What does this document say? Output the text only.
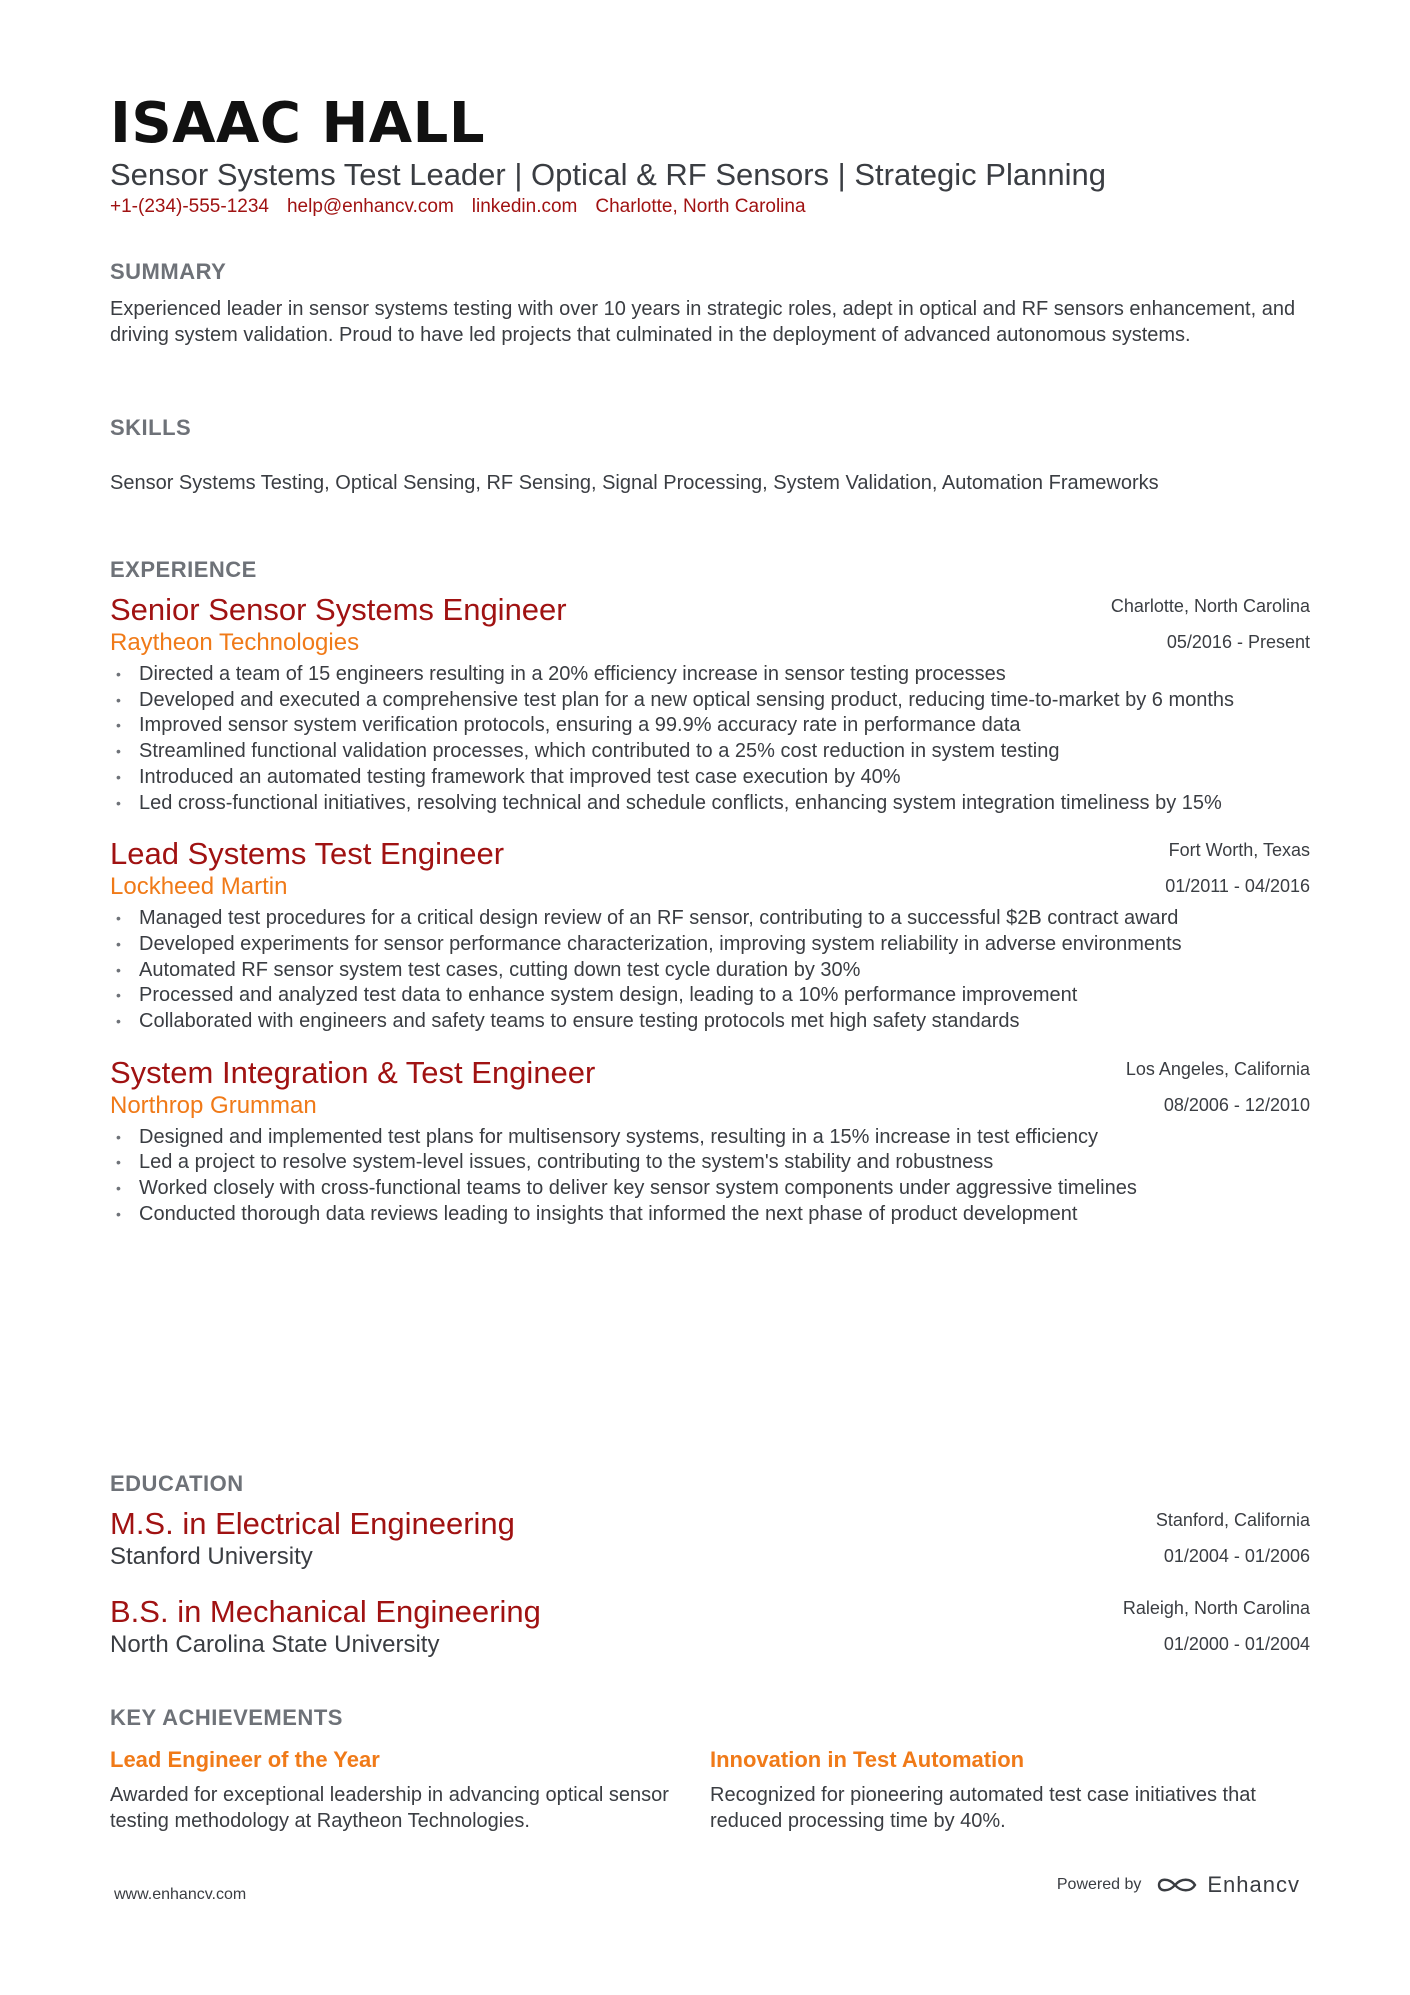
ISAAC HALL
Sensor Systems Test Leader | Optical & RF Sensors | Strategic Planning
+1-(234)-555-1234 help@enhancv.com linkedin.com Charlotte, North Carolina
SUMMARY

Experienced leader in sensor systems testing with over 10 years in strategic roles, adept in optical and RF sensors enhancement, and driving system validation. Proud to have led projects that culminated in the deployment of advanced autonomous systems.

SKILLS

Sensor Systems Testing, Optical Sensing, RF Sensing, Signal Processing, System Validation, Automation Frameworks

EXPERIENCE
Senior Sensor Systems Engineer
Raytheon Technologies
Charlotte, North Carolina
05/2016 - Present
• Directed a team of 15 engineers resulting in a 20% efficiency increase in sensor testing processes
• Developed and executed a comprehensive test plan for a new optical sensing product, reducing time-to-market by 6 months
• Improved sensor system verification protocols, ensuring a 99.9% accuracy rate in performance data
• Streamlined functional validation processes, which contributed to a 25% cost reduction in system testing
• Introduced an automated testing framework that improved test case execution by 40%
• Led cross-functional initiatives, resolving technical and schedule conflicts, enhancing system integration timeliness by 15%
Lead Systems Test Engineer
Lockheed Martin
Fort Worth, Texas
01/2011 - 04/2016
• Managed test procedures for a critical design review of an RF sensor, contributing to a successful $2B contract award
• Developed experiments for sensor performance characterization, improving system reliability in adverse environments
• Automated RF sensor system test cases, cutting down test cycle duration by 30%
• Processed and analyzed test data to enhance system design, leading to a 10% performance improvement
• Collaborated with engineers and safety teams to ensure testing protocols met high safety standards
System Integration & Test Engineer
Northrop Grumman
Los Angeles, California
08/2006 - 12/2010
• Designed and implemented test plans for multisensory systems, resulting in a 15% increase in test efficiency
• Led a project to resolve system-level issues, contributing to the system's stability and robustness
• Worked closely with cross-functional teams to deliver key sensor system components under aggressive timelines
• Conducted thorough data reviews leading to insights that informed the next phase of product development
EDUCATION
M.S. in Electrical Engineering
Stanford University
Stanford, California
01/2004 - 01/2006
B.S. in Mechanical Engineering
North Carolina State University
Raleigh, North Carolina
01/2000 - 01/2004
KEY ACHIEVEMENTS
Lead Engineer of the Year

Awarded for exceptional leadership in advancing optical sensor testing methodology at Raytheon Technologies.

Innovation in Test Automation

Recognized for pioneering automated test case initiatives that reduced processing time by 40%.

www.enhancv.com
Powered by	Enhancv
